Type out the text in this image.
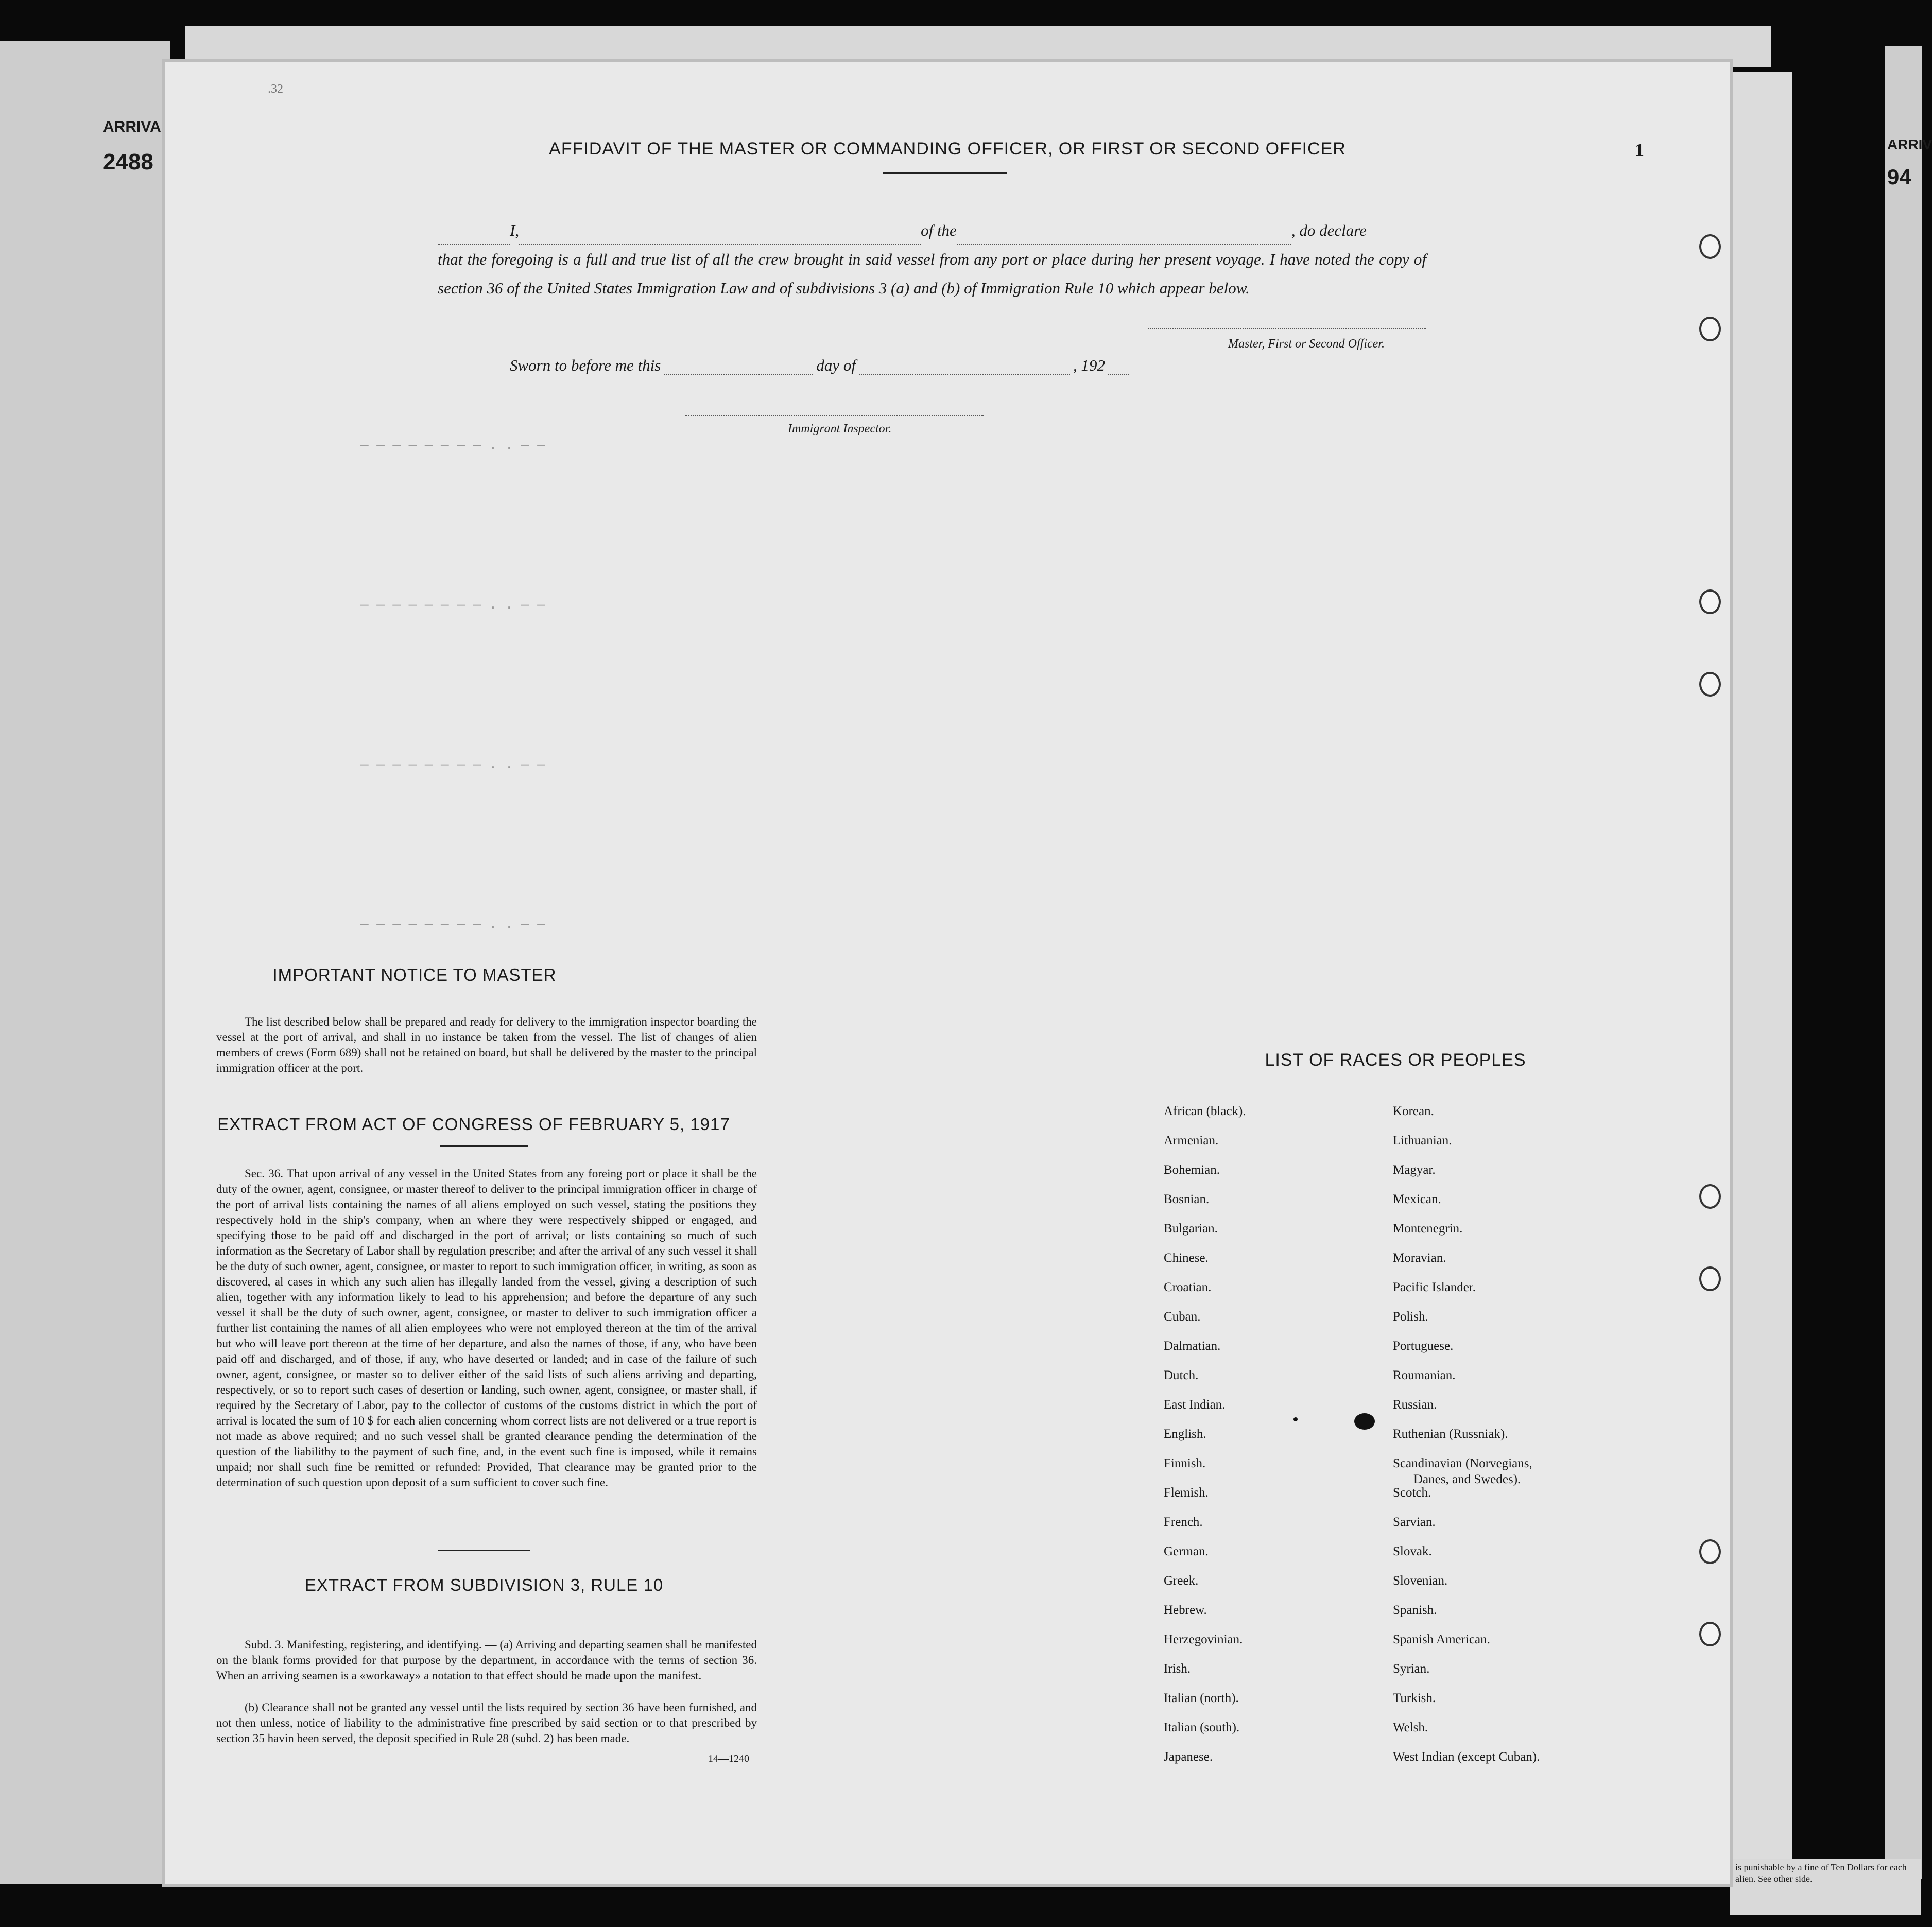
ARRIVA
2488
ARRIV
94
is punishable by a fine of Ten Dollars for each alien. See other side.
— — — — — — — — . . — —
— — — — — — — — . . — —
— — — — — — — — . . — —
— — — — — — — — . . — —
.32
1
AFFIDAVIT OF THE MASTER OR COMMANDING OFFICER, OR FIRST OR SECOND OFFICER
I,	of the	, do declare
that the foregoing is a full and true list of all the crew brought in said vessel from any port or place during her present voyage. I have noted the copy of section 36 of the United States Immigration Law and of subdivisions 3 (a) and (b) of Immigration Rule 10 which appear below.
Master, First or Second Officer.
Sworn to before me this	day of	, 192
Immigrant Inspector.
IMPORTANT NOTICE TO MASTER
The list described below shall be prepared and ready for delivery to the immigration inspector boarding the vessel at the port of arrival, and shall in no instance be taken from the vessel. The list of changes of alien members of crews (Form 689) shall not be retained on board, but shall be delivered by the master to the principal immigration officer at the port.
EXTRACT FROM ACT OF CONGRESS OF FEBRUARY 5, 1917
Sec. 36. That upon arrival of any vessel in the United States from any foreing port or place it shall be the duty of the owner, agent, consignee, or master thereof to deliver to the principal immigration officer in charge of the port of arrival lists containing the names of all aliens employed on such vessel, stating the positions they respectively hold in the ship's company, when an where they were respectively shipped or engaged, and specifying those to be paid off and discharged in the port of arrival; or lists containing so much of such information as the Secretary of Labor shall by regulation prescribe; and after the arrival of any such vessel it shall be the duty of such owner, agent, consignee, or master to report to such immigration officer, in writing, as soon as discovered, al cases in which any such alien has illegally landed from the vessel, giving a description of such alien, together with any information likely to lead to his apprehension; and before the departure of any such vessel it shall be the duty of such owner, agent, consignee, or master to deliver to such immigration officer a further list containing the names of all alien employees who were not employed thereon at the tim of the arrival but who will leave port thereon at the time of her departure, and also the names of those, if any, who have been paid off and discharged, and of those, if any, who have deserted or landed; and in case of the failure of such owner, agent, consignee, or master so to deliver either of the said lists of such aliens arriving and departing, respectively, or so to report such cases of desertion or landing, such owner, agent, consignee, or master shall, if required by the Secretary of Labor, pay to the collector of customs of the customs district in which the port of arrival is located the sum of 10 $ for each alien concerning whom correct lists are not delivered or a true report is not made as above required; and no such vessel shall be granted clearance pending the determination of the question of the liabilithy to the payment of such fine, and, in the event such fine is imposed, while it remains unpaid; nor shall such fine be remitted or refunded: Provided, That clearance may be granted prior to the determination of such question upon deposit of a sum sufficient to cover such fine.
EXTRACT FROM SUBDIVISION 3, RULE 10
Subd. 3. Manifesting, registering, and identifying. — (a) Arriving and departing seamen shall be manifested on the blank forms provided for that purpose by the department, in accordance with the terms of section 36. When an arriving seamen is a «workaway» a notation to that effect should be made upon the manifest.
(b) Clearance shall not be granted any vessel until the lists required by section 36 have been furnished, and not then unless, notice of liability to the administrative fine prescribed by said section or to that prescribed by section 35 havin been served, the deposit specified in Rule 28 (subd. 2) has been made.
14—1240
LIST OF RACES OR PEOPLES
African (black).
Armenian.
Bohemian.
Bosnian.
Bulgarian.
Chinese.
Croatian.
Cuban.
Dalmatian.
Dutch.
East Indian.
English.
Finnish.
Flemish.
French.
German.
Greek.
Hebrew.
Herzegovinian.
Irish.
Italian (north).
Italian (south).
Japanese.
Korean.
Lithuanian.
Magyar.
Mexican.
Montenegrin.
Moravian.
Pacific Islander.
Polish.
Portuguese.
Roumanian.
Russian.
Ruthenian (Russniak).
Scandinavian (Norvegians,
Danes, and Swedes).
Scotch.
Sarvian.
Slovak.
Slovenian.
Spanish.
Spanish American.
Syrian.
Turkish.
Welsh.
West Indian (except Cuban).
